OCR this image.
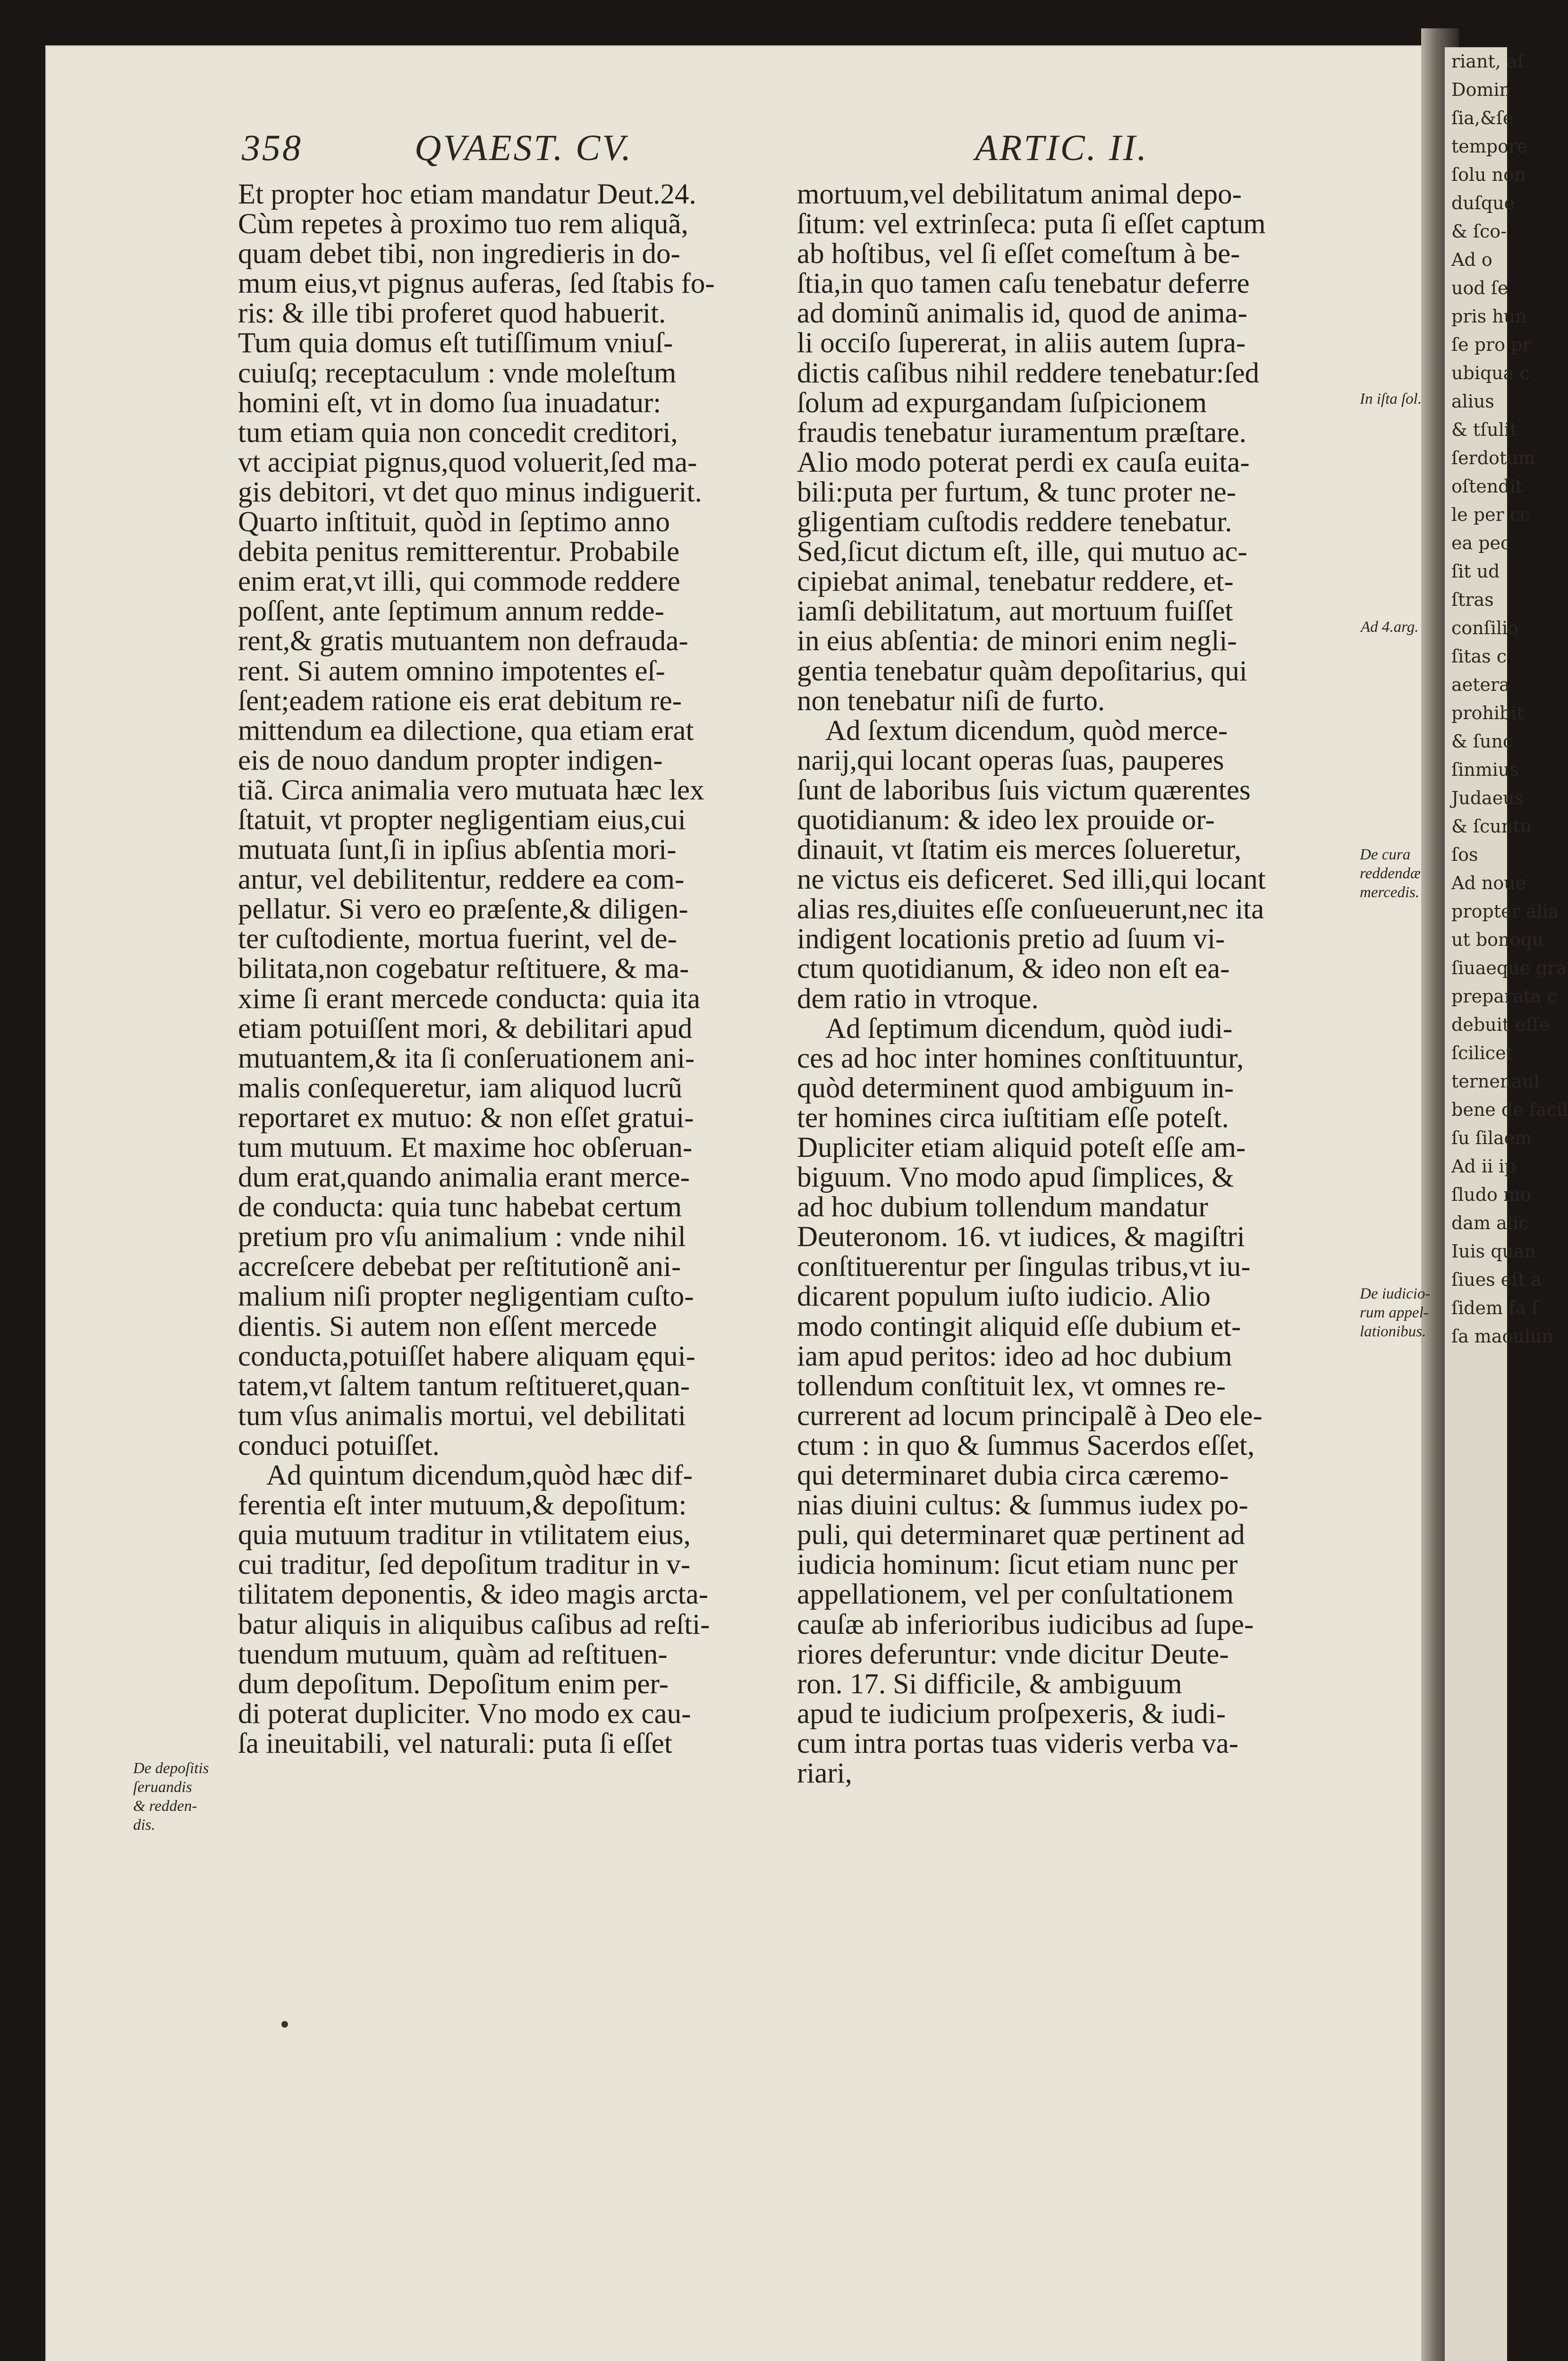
riant, aſ
Domin
ſia,&ſe
tempore
ſolu non
duſque
& ſco-
Ad o
uod ſe
pris hun
ſe pro pr
ubiqua c
alius
& tſulit
ſerdotum
oſtendit
le per cc
ea pec
ſit ud
ſtras
conſilio
ſitas c
aetera
prohibit
& ſunc
ſinmius
Judaeus
& ſcuntu
ſos
Ad noue
propter alia
ut bonoqu
ſiuaeque gra
preparata c
debuit eſſe
ſcilicet
ternenaul
bene de facil
ſu ſilaem
Ad ii ip
ſludo mo
dam alic
Iuis quan
ſiues eſt a
ſidem fa ſ
ſa maoulun
358	QVAEST. CV.	ARTIC. II.

Et propter hoc etiam mandatur Deut.24.
Cùm repetes à proximo tuo rem aliquã,
quam debet tibi, non ingredieris in do-
mum eius,vt pignus auferas, ſed ſtabis fo-
ris: & ille tibi proferet quod habuerit.
Tum quia domus eſt tutiſſimum vniuſ-
cuiuſq; receptaculum : vnde moleſtum
homini eſt, vt in domo ſua inuadatur:
tum etiam quia non concedit creditori,
vt accipiat pignus,quod voluerit,ſed ma-
gis debitori, vt det quo minus indiguerit.
Quarto inſtituit, quòd in ſeptimo anno
debita penitus remitterentur. Probabile
enim erat,vt illi, qui commode reddere
poſſent, ante ſeptimum annum redde-
rent,& gratis mutuantem non defrauda-
rent. Si autem omnino impotentes eſ-
ſent;eadem ratione eis erat debitum re-
mittendum ea dilectione, qua etiam erat
eis de nouo dandum propter indigen-
tiã. Circa animalia vero mutuata hæc lex
ſtatuit, vt propter negligentiam eius,cui
mutuata ſunt,ſi in ipſius abſentia mori-
antur, vel debilitentur, reddere ea com-
pellatur. Si vero eo præſente,& diligen-
ter cuſtodiente, mortua fuerint, vel de-
bilitata,non cogebatur reſtituere, & ma-
xime ſi erant mercede conducta: quia ita
etiam potuiſſent mori, & debilitari apud
mutuantem,& ita ſi conſeruationem ani-
malis conſequeretur, iam aliquod lucrũ
reportaret ex mutuo: & non eſſet gratui-
tum mutuum. Et maxime hoc obſeruan-
dum erat,quando animalia erant merce-
de conducta: quia tunc habebat certum
pretium pro vſu animalium : vnde nihil
accreſcere debebat per reſtitutionẽ ani-
malium niſi propter negligentiam cuſto-
dientis. Si autem non eſſent mercede
conducta,potuiſſet habere aliquam ęqui-
tatem,vt ſaltem tantum reſtitueret,quan-
tum vſus animalis mortui, vel debilitati
conduci potuiſſet.

Ad quintum dicendum,quòd hæc dif-
ferentia eſt inter mutuum,& depoſitum:
quia mutuum traditur in vtilitatem eius,
cui traditur, ſed depoſitum traditur in v-
tilitatem deponentis, & ideo magis arcta-
batur aliquis in aliquibus caſibus ad reſti-
tuendum mutuum, quàm ad reſtituen-
dum depoſitum. Depoſitum enim per-
di poterat dupliciter. Vno modo ex cau-
ſa ineuitabili, vel naturali: puta ſi eſſet

mortuum,vel debilitatum animal depo-
ſitum: vel extrinſeca: puta ſi eſſet captum
ab hoſtibus, vel ſi eſſet comeſtum à be-
ſtia,in quo tamen caſu tenebatur deferre
ad dominũ animalis id, quod de anima-
li occiſo ſupererat, in aliis autem ſupra-
dictis caſibus nihil reddere tenebatur:ſed
ſolum ad expurgandam ſuſpicionem
fraudis tenebatur iuramentum præſtare.
Alio modo poterat perdi ex cauſa euita-
bili:puta per furtum, & tunc proter ne-
gligentiam cuſtodis reddere tenebatur.
Sed,ſicut dictum eſt, ille, qui mutuo ac-
cipiebat animal, tenebatur reddere, et-
iamſi debilitatum, aut mortuum fuiſſet
in eius abſentia: de minori enim negli-
gentia tenebatur quàm depoſitarius, qui
non tenebatur niſi de furto.

Ad ſextum dicendum, quòd merce-
narij,qui locant operas ſuas, pauperes
ſunt de laboribus ſuis victum quærentes
quotidianum: & ideo lex prouide or-
dinauit, vt ſtatim eis merces ſolueretur,
ne victus eis deficeret. Sed illi,qui locant
alias res,diuites eſſe conſueuerunt,nec ita
indigent locationis pretio ad ſuum vi-
ctum quotidianum, & ideo non eſt ea-
dem ratio in vtroque.

Ad ſeptimum dicendum, quòd iudi-
ces ad hoc inter homines conſtituuntur,
quòd determinent quod ambiguum in-
ter homines circa iuſtitiam eſſe poteſt.
Dupliciter etiam aliquid poteſt eſſe am-
biguum. Vno modo apud ſimplices, &
ad hoc dubium tollendum mandatur
Deuteronom. 16. vt iudices, & magiſtri
conſtituerentur per ſingulas tribus,vt iu-
dicarent populum iuſto iudicio. Alio
modo contingit aliquid eſſe dubium et-
iam apud peritos: ideo ad hoc dubium
tollendum conſtituit lex, vt omnes re-
currerent ad locum principalẽ à Deo ele-
ctum : in quo & ſummus Sacerdos eſſet,
qui determinaret dubia circa cæremo-
nias diuini cultus: & ſummus iudex po-
puli, qui determinaret quæ pertinent ad
iudicia hominum: ſicut etiam nunc per
appellationem, vel per conſultationem
cauſæ ab inferioribus iudicibus ad ſupe-
riores deferuntur: vnde dicitur Deute-
ron. 17. Si difficile, & ambiguum
apud te iudicium proſpexeris, & iudi-
cum intra portas tuas videris verba va-
riari,

De depoſitis
ſeruandis
& redden-
dis.
In iſta ſol.
Ad 4.arg.
De cura
reddendæ
mercedis.
De iudicio-
rum appel-
lationibus.
